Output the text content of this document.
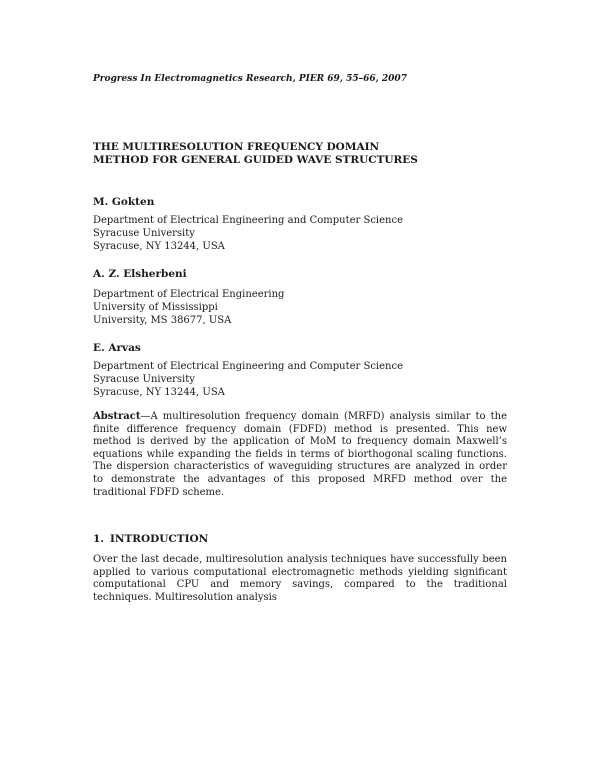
Progress In Electromagnetics Research, PIER 69, 55–66, 2007
THE MULTIRESOLUTION FREQUENCY DOMAIN METHOD FOR GENERAL GUIDED WAVE STRUCTURES
M. Gokten
Department of Electrical Engineering and Computer Science
Syracuse University
Syracuse, NY 13244, USA
A. Z. Elsherbeni
Department of Electrical Engineering
University of Mississippi
University, MS 38677, USA
E. Arvas
Department of Electrical Engineering and Computer Science
Syracuse University
Syracuse, NY 13244, USA
Abstract—A multiresolution frequency domain (MRFD) analysis similar to the finite difference frequency domain (FDFD) method is presented. This new method is derived by the application of MoM to frequency domain Maxwell’s equations while expanding the fields in terms of biorthogonal scaling functions. The dispersion characteristics of waveguiding structures are analyzed in order to demonstrate the advantages of this proposed MRFD method over the traditional FDFD scheme.
1. INTRODUCTION
Over the last decade, multiresolution analysis techniques have successfully been applied to various computational electromagnetic methods yielding significant computational CPU and memory savings, compared to the traditional techniques. Multiresolution analysis
